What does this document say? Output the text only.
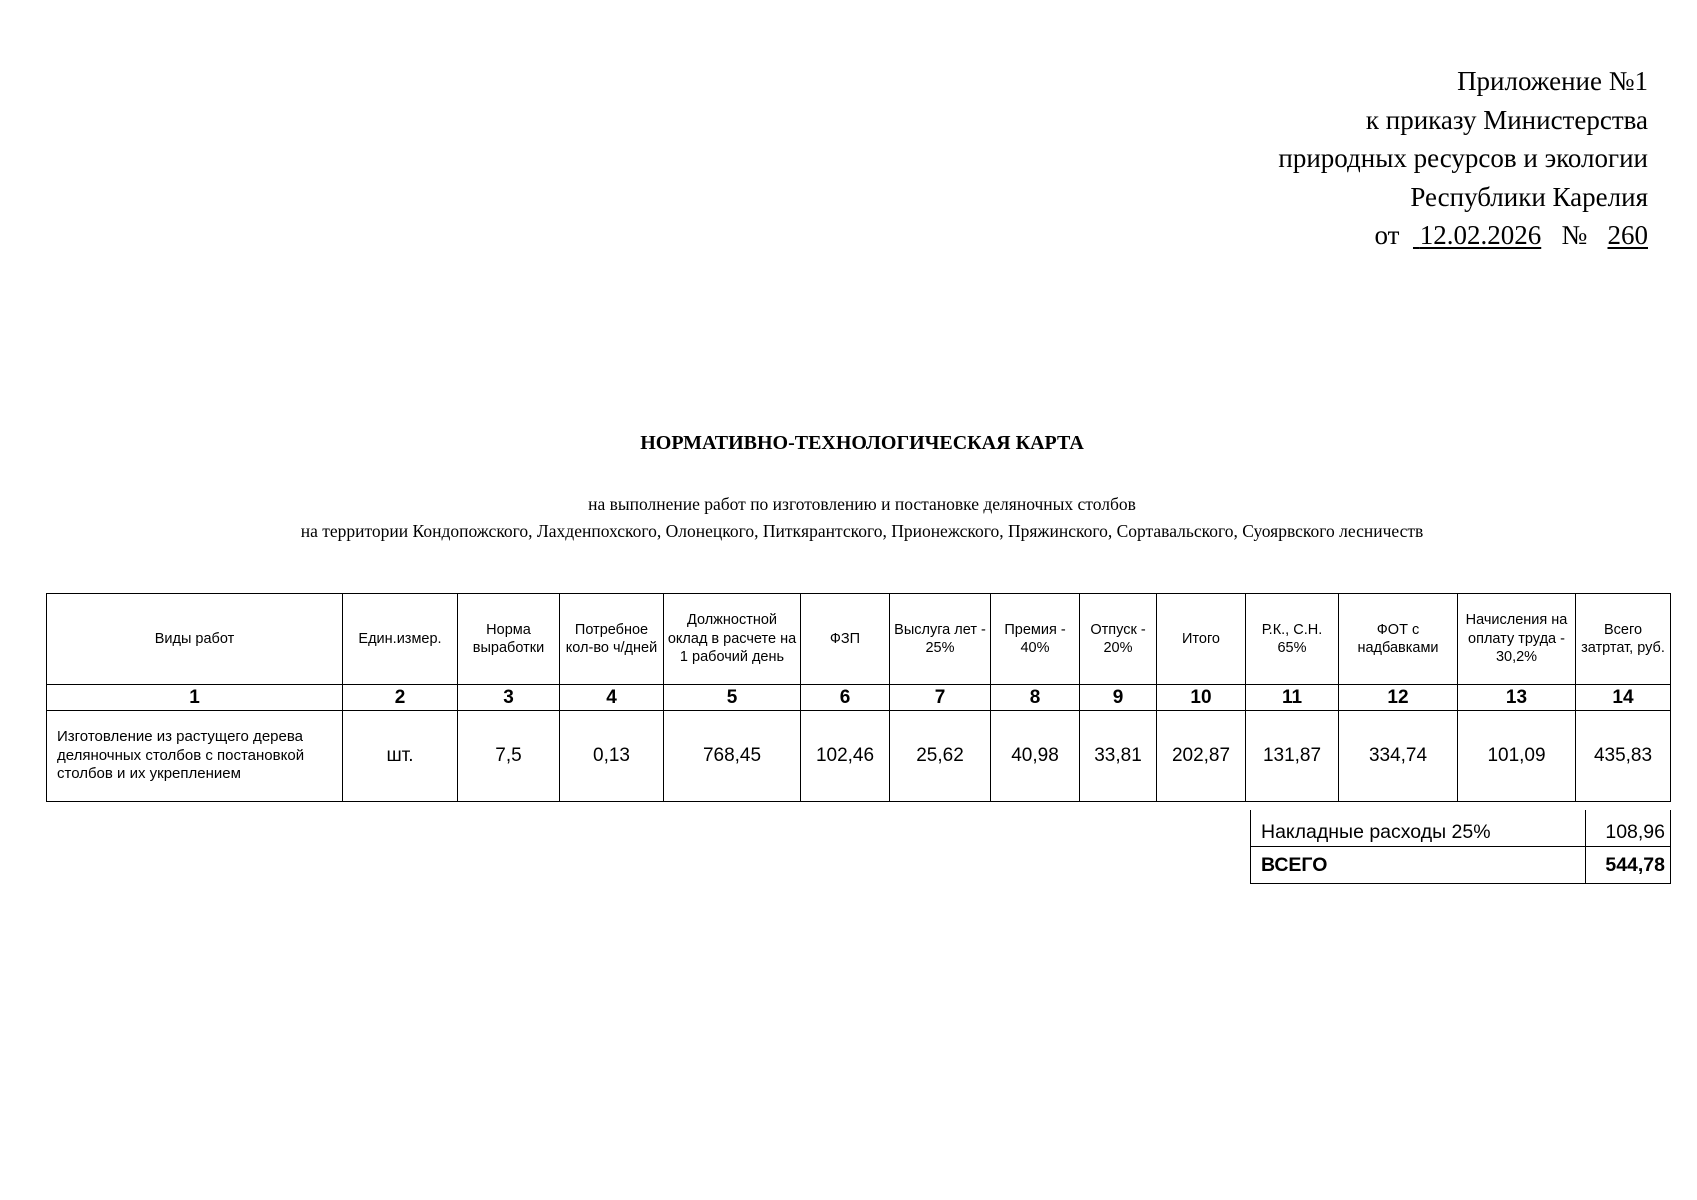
Приложение №1
к приказу Министерства
природных ресурсов и экологии
Республики Карелия
от 12.02.2026 № 260
НОРМАТИВНО-ТЕХНОЛОГИЧЕСКАЯ КАРТА
на выполнение работ по изготовлению и постановке деляночных столбов
на территории Кондопожского, Лахденпохского, Олонецкого, Питкярантского, Прионежского, Пряжинского, Сортавальского, Суоярвского лесничеств
Виды работ	Един.измер.	Норма выработки	Потребное кол-во ч/дней	Должностной оклад в расчете на 1 рабочий день	ФЗП	Выслуга лет - 25%	Премия - 40%	Отпуск - 20%	Итого	Р.К., С.Н. 65%	ФОТ с надбавками	Начисления на оплату труда - 30,2%	Всего затртат, руб.
1	2	3	4	5	6	7	8	9	10	11	12	13	14
Изготовление из растущего дерева деляночных столбов с постановкой столбов и их укреплением	шт.	7,5	0,13	768,45	102,46	25,62	40,98	33,81	202,87	131,87	334,74	101,09	435,83
Накладные расходы 25%	108,96
ВСЕГО	544,78
